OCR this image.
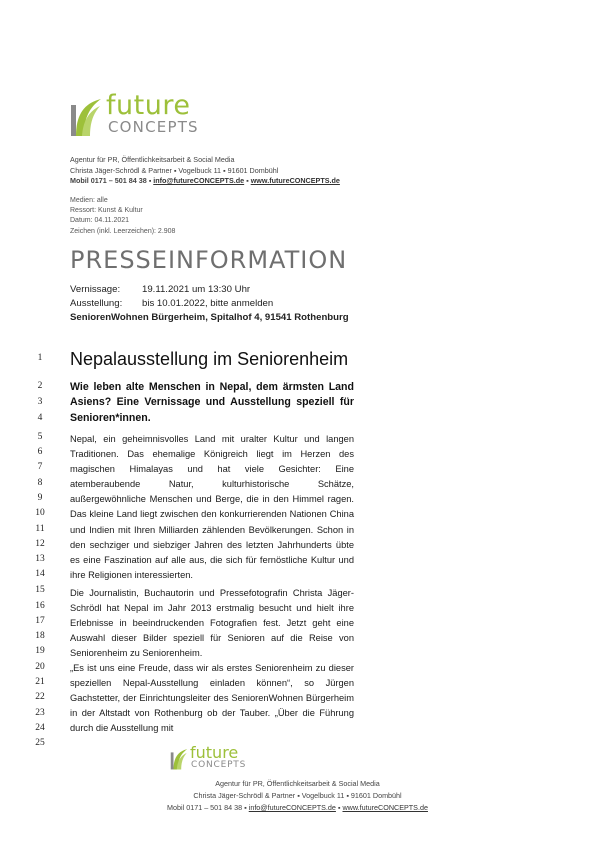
future
CONCEPTS
Agentur für PR, Öffentlichkeitsarbeit & Social Media
Christa Jäger-Schrödl & Partner ▪ Vogelbuck 11 ▪ 91601 Dombühl
Mobil 0171 – 501 84 38 ▪ info@futureCONCEPTS.de ▪ www.futureCONCEPTS.de
Medien: alle
Ressort: Kunst & Kultur
Datum: 04.11.2021
Zeichen (inkl. Leerzeichen): 2.908
PRESSEINFORMATION
Vernissage: 19.11.2021 um 13:30 Uhr
Ausstellung: bis 10.01.2022, bitte anmelden
SeniorenWohnen Bürgerheim, Spitalhof 4, 91541 Rothenburg
1
2
3
4
5
6
7
8
9
10
11
12
13
14
15
16
17
18
19
20
21
22
23
24
25
Nepalausstellung im Seniorenheim
Wie leben alte Menschen in Nepal, dem ärmsten Land Asiens? Eine Vernissage und Ausstellung speziell für Senioren*innen.
Nepal, ein geheimnisvolles Land mit uralter Kultur und langen Traditionen. Das ehemalige Königreich liegt im Herzen des magischen Himalayas und hat viele Gesichter: Eine atemberaubende Natur, kulturhistorische Schätze, außergewöhnliche Menschen und Berge, die in den Himmel ragen. Das kleine Land liegt zwischen den konkurrierenden Nationen China und Indien mit Ihren Milliarden zählenden Bevölkerungen. Schon in den sechziger und siebziger Jahren des letzten Jahrhunderts übte es eine Faszination auf alle aus, die sich für fernöstliche Kultur und ihre Religionen interessierten.
Die Journalistin, Buchautorin und Pressefotografin Christa Jäger-Schrödl hat Nepal im Jahr 2013 erstmalig besucht und hielt ihre Erlebnisse in beeindruckenden Fotografien fest. Jetzt geht eine Auswahl dieser Bilder speziell für Senioren auf die Reise von Seniorenheim zu Seniorenheim.
„Es ist uns eine Freude, dass wir als erstes Seniorenheim zu dieser speziellen Nepal-Ausstellung einladen können“, so Jürgen Gachstetter, der Einrichtungsleiter des SeniorenWohnen Bürgerheim in der Altstadt von Rothenburg ob der Tauber. „Über die Führung durch die Ausstellung mit
future
CONCEPTS
Agentur für PR, Öffentlichkeitsarbeit & Social Media
Christa Jäger-Schrödl & Partner ▪ Vogelbuck 11 ▪ 91601 Dombühl
Mobil 0171 – 501 84 38 ▪ info@futureCONCEPTS.de ▪ www.futureCONCEPTS.de
